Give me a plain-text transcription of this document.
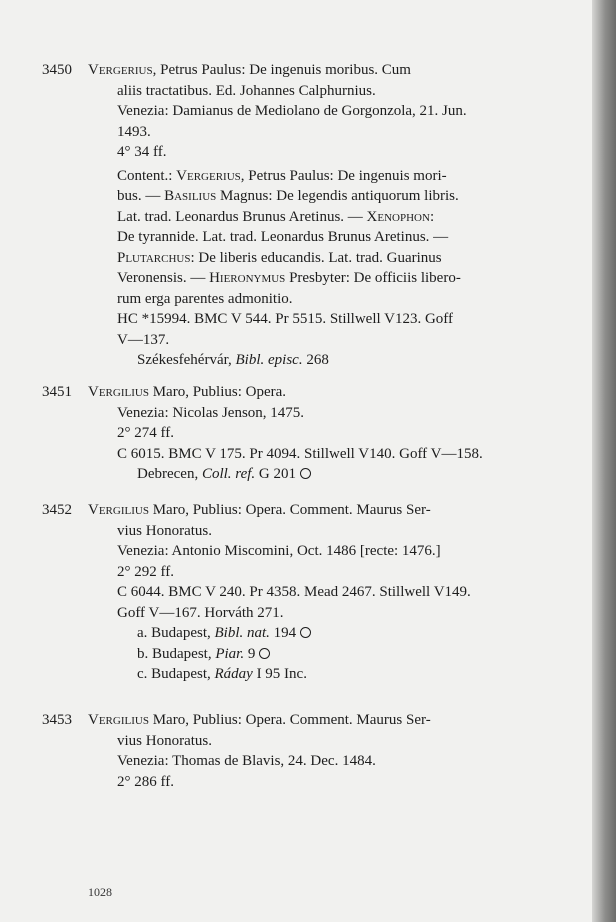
3450 Vergerius, Petrus Paulus: De ingenuis moribus. Cum
aliis tractatibus. Ed. Johannes Calphurnius.
Venezia: Damianus de Mediolano de Gorgonzola, 21. Jun.
1493.
4° 34 ff.
Content.: Vergerius, Petrus Paulus: De ingenuis mori-
bus. — Basilius Magnus: De legendis antiquorum libris.
Lat. trad. Leonardus Brunus Aretinus. — Xenophon:
De tyrannide. Lat. trad. Leonardus Brunus Aretinus. —
Plutarchus: De liberis educandis. Lat. trad. Guarinus
Veronensis. — Hieronymus Presbyter: De officiis libero-
rum erga parentes admonitio.
HC *15994. BMC V 544. Pr 5515. Stillwell V123. Goff
V—137.
Székesfehérvár, Bibl. episc. 268
3451 Vergilius Maro, Publius: Opera.
Venezia: Nicolas Jenson, 1475.
2° 274 ff.
C 6015. BMC V 175. Pr 4094. Stillwell V140. Goff V—158.
Debrecen, Coll. ref. G 201
3452 Vergilius Maro, Publius: Opera. Comment. Maurus Ser-
vius Honoratus.
Venezia: Antonio Miscomini, Oct. 1486 [recte: 1476.]
2° 292 ff.
C 6044. BMC V 240. Pr 4358. Mead 2467. Stillwell V149.
Goff V—167. Horváth 271.
a. Budapest, Bibl. nat. 194
b. Budapest, Piar. 9
c. Budapest, Ráday I 95 Inc.
3453 Vergilius Maro, Publius: Opera. Comment. Maurus Ser-
vius Honoratus.
Venezia: Thomas de Blavis, 24. Dec. 1484.
2° 286 ff.
1028
